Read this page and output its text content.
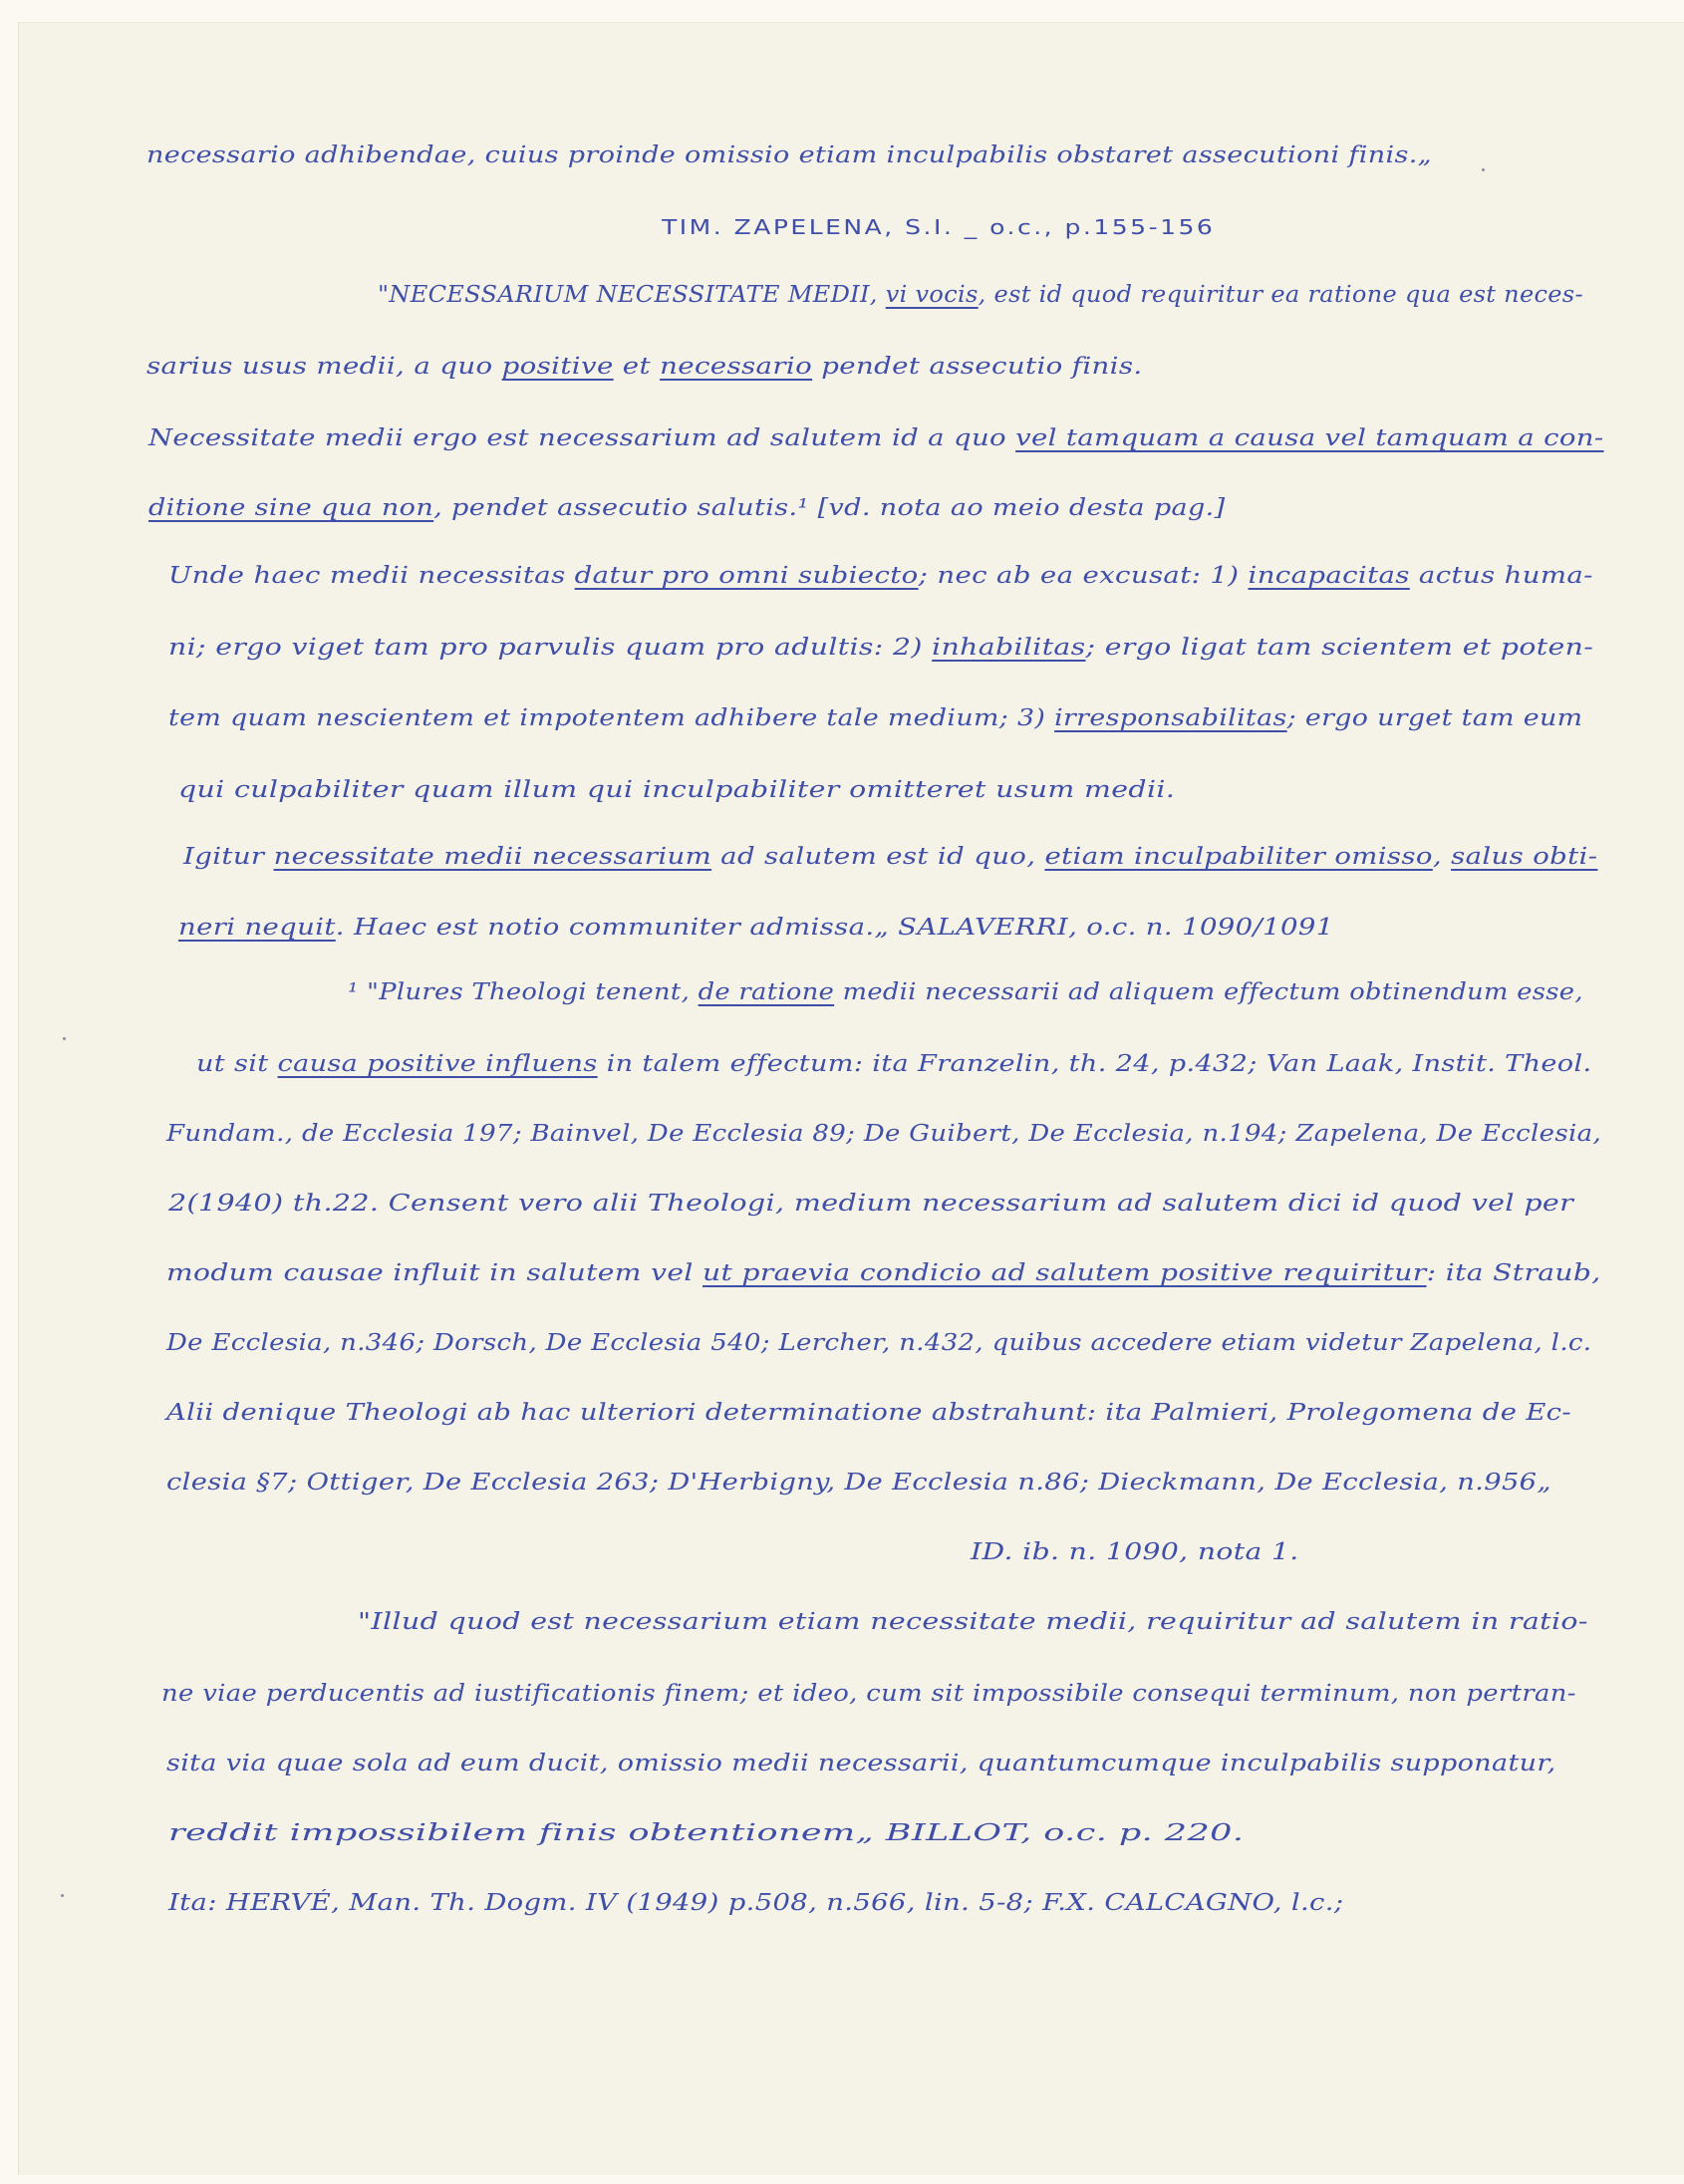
necessario adhibendae, cuius proinde omissio etiam inculpabilis obstaret assecutioni finis.„
TIM. ZAPELENA, S.I. _ o.c., p.155-156
"NECESSARIUM NECESSITATE MEDII, vi vocis, est id quod requiritur ea ratione qua est neces-
sarius usus medii, a quo positive et necessario pendet assecutio finis.
Necessitate medii ergo est necessarium ad salutem id a quo vel tamquam a causa vel tamquam a con-
ditione sine qua non, pendet assecutio salutis.¹ [vd. nota ao meio desta pag.]
Unde haec medii necessitas datur pro omni subiecto; nec ab ea excusat: 1) incapacitas actus huma-
ni; ergo viget tam pro parvulis quam pro adultis: 2) inhabilitas; ergo ligat tam scientem et poten-
tem quam nescientem et impotentem adhibere tale medium; 3) irresponsabilitas; ergo urget tam eum
qui culpabiliter quam illum qui inculpabiliter omitteret usum medii.
Igitur necessitate medii necessarium ad salutem est id quo, etiam inculpabiliter omisso, salus obti-
neri nequit. Haec est notio communiter admissa.„ SALAVERRI, o.c. n. 1090/1091
¹ "Plures Theologi tenent, de ratione medii necessarii ad aliquem effectum obtinendum esse,
ut sit causa positive influens in talem effectum: ita Franzelin, th. 24, p.432; Van Laak, Instit. Theol.
Fundam., de Ecclesia 197; Bainvel, De Ecclesia 89; De Guibert, De Ecclesia, n.194; Zapelena, De Ecclesia,
2(1940) th.22. Censent vero alii Theologi, medium necessarium ad salutem dici id quod vel per
modum causae influit in salutem vel ut praevia condicio ad salutem positive requiritur: ita Straub,
De Ecclesia, n.346; Dorsch, De Ecclesia 540; Lercher, n.432, quibus accedere etiam videtur Zapelena, l.c.
Alii denique Theologi ab hac ulteriori determinatione abstrahunt: ita Palmieri, Prolegomena de Ec-
clesia §7; Ottiger, De Ecclesia 263; D'Herbigny, De Ecclesia n.86; Dieckmann, De Ecclesia, n.956„
ID. ib. n. 1090, nota 1.
"Illud quod est necessarium etiam necessitate medii, requiritur ad salutem in ratio-
ne viae perducentis ad iustificationis finem; et ideo, cum sit impossibile consequi terminum, non pertran-
sita via quae sola ad eum ducit, omissio medii necessarii, quantumcumque inculpabilis supponatur,
reddit impossibilem finis obtentionem„ BILLOT, o.c. p. 220.
Ita: HERVÉ, Man. Th. Dogm. IV (1949) p.508, n.566, lin. 5-8; F.X. CALCAGNO, l.c.;
